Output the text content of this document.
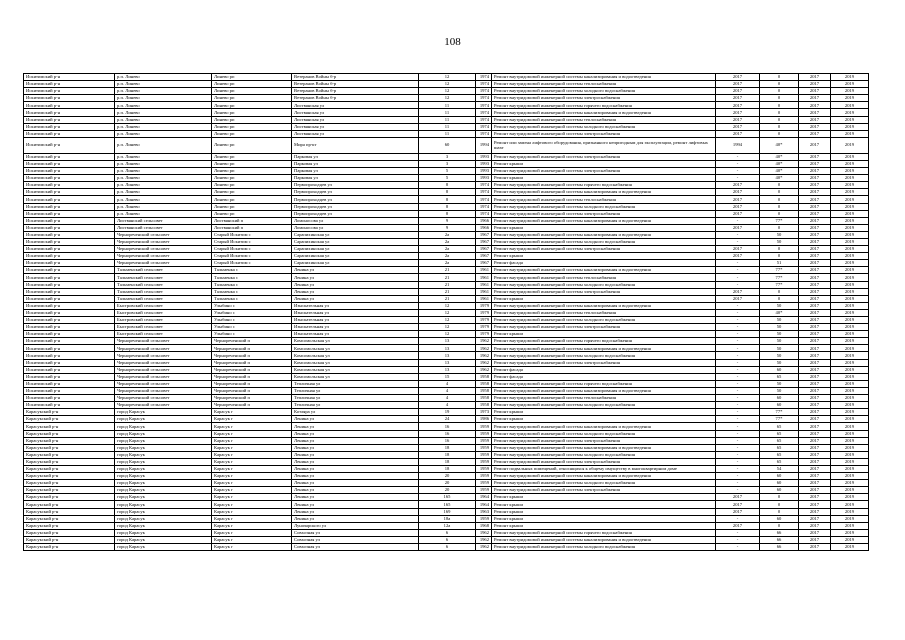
108
Искитимский р-н	р.п. Линево	Линево рп	Ветеранов Войны б-р	12	1974	Ремонт внутридомовой инженерной системы канализирования и водоотведения	2017	0	2017	2019
Искитимский р-н	р.п. Линево	Линево рп	Ветеранов Войны б-р	12	1974	Ремонт внутридомовой инженерной системы теплоснабжения	2017	0	2017	2019
Искитимский р-н	р.п. Линево	Линево рп	Ветеранов Войны б-р	12	1974	Ремонт внутридомовой инженерной системы холодного водоснабжения	2017	0	2017	2019
Искитимский р-н	р.п. Линево	Линево рп	Ветеранов Войны б-р	12	1974	Ремонт внутридомовой инженерной системы электроснабжения	2017	0	2017	2019
Искитимский р-н	р.п. Линево	Линево рп	Листвянская ул	11	1974	Ремонт внутридомовой инженерной системы горячего водоснабжения	2017	0	2017	2019
Искитимский р-н	р.п. Линево	Линево рп	Листвянская ул	11	1974	Ремонт внутридомовой инженерной системы канализирования и водоотведения	2017	0	2017	2019
Искитимский р-н	р.п. Линево	Линево рп	Листвянская ул	11	1974	Ремонт внутридомовой инженерной системы теплоснабжения	2017	0	2017	2019
Искитимский р-н	р.п. Линево	Линево рп	Листвянская ул	11	1974	Ремонт внутридомовой инженерной системы холодного водоснабжения	2017	0	2017	2019
Искитимский р-н	р.п. Линево	Линево рп	Листвянская ул	11	1974	Ремонт внутридомовой инженерной системы электроснабжения	2017	0	2017	2019
Искитимский р-н	р.п. Линево	Линево рп	Мира пр-кт	60	1994	Ремонт или замена лифтового оборудования, признанного непригодным для эксплуатации, ремонт лифтовых шахт	1994	40*	2017	2019
Искитимский р-н	р.п. Линево	Линево рп	Парковая ул	3	1993	Ремонт внутридомовой инженерной системы электроснабжения	-	40*	2017	2019
Искитимский р-н	р.п. Линево	Линево рп	Парковая ул	3	1993	Ремонт крыши	-	40*	2017	2019
Искитимский р-н	р.п. Линево	Линево рп	Парковая ул	5	1993	Ремонт внутридомовой инженерной системы электроснабжения	-	40*	2017	2019
Искитимский р-н	р.п. Линево	Линево рп	Парковая ул	5	1993	Ремонт крыши	-	40*	2017	2019
Искитимский р-н	р.п. Линево	Линево рп	Первопроходцев ул	8	1974	Ремонт внутридомовой инженерной системы горячего водоснабжения	2017	0	2017	2019
Искитимский р-н	р.п. Линево	Линево рп	Первопроходцев ул	8	1974	Ремонт внутридомовой инженерной системы канализирования и водоотведения	2017	0	2017	2019
Искитимский р-н	р.п. Линево	Линево рп	Первопроходцев ул	8	1974	Ремонт внутридомовой инженерной системы теплоснабжения	2017	0	2017	2019
Искитимский р-н	р.п. Линево	Линево рп	Первопроходцев ул	8	1974	Ремонт внутридомовой инженерной системы холодного водоснабжения	2017	0	2017	2019
Искитимский р-н	р.п. Линево	Линево рп	Первопроходцев ул	8	1974	Ремонт внутридомовой инженерной системы электроснабжения	2017	0	2017	2019
Искитимский р-н	Листвянский сельсовет	Листвянский п	Ломоносова ул	9	1966	Ремонт внутридомовой инженерной системы канализирования и водоотведения	-	77*	2017	2019
Искитимский р-н	Листвянский сельсовет	Листвянский п	Ломоносова ул	9	1966	Ремонт крыши	2017	0	2017	2019
Искитимский р-н	Чернореченский сельсовет	Старый Искитим с	Сарапихинская ул	2а	1967	Ремонт внутридомовой инженерной системы канализирования и водоотведения	-	50	2017	2019
Искитимский р-н	Чернореченский сельсовет	Старый Искитим с	Сарапихинская ул	2а	1967	Ремонт внутридомовой инженерной системы холодного водоснабжения	-	50	2017	2019
Искитимский р-н	Чернореченский сельсовет	Старый Искитим с	Сарапихинская ул	2а	1967	Ремонт внутридомовой инженерной системы электроснабжения	2017	0	2017	2019
Искитимский р-н	Чернореченский сельсовет	Старый Искитим с	Сарапихинская ул	2а	1967	Ремонт крыши	2017	0	2017	2019
Искитимский р-н	Чернореченский сельсовет	Старый Искитим с	Сарапихинская ул	2а	1967	Ремонт фасада	-	51	2017	2019
Искитимский р-н	Тальменский сельсовет	Тальменка с	Ленина ул	21	1961	Ремонт внутридомовой инженерной системы канализирования и водоотведения	-	77*	2017	2019
Искитимский р-н	Тальменский сельсовет	Тальменка с	Ленина ул	21	1961	Ремонт внутридомовой инженерной системы теплоснабжения	-	77*	2017	2019
Искитимский р-н	Тальменский сельсовет	Тальменка с	Ленина ул	21	1961	Ремонт внутридомовой инженерной системы холодного водоснабжения	-	77*	2017	2019
Искитимский р-н	Тальменский сельсовет	Тальменка с	Ленина ул	21	1961	Ремонт внутридомовой инженерной системы электроснабжения	2017	0	2017	2019
Искитимский р-н	Тальменский сельсовет	Тальменка с	Ленина ул	21	1961	Ремонт крыши	2017	0	2017	2019
Искитимский р-н	Быстровский сельсовет	Улыбино с	Изыскательная ул	12	1979	Ремонт внутридомовой инженерной системы канализирования и водоотведения	-	50	2017	2019
Искитимский р-н	Быстровский сельсовет	Улыбино с	Изыскательная ул	12	1979	Ремонт внутридомовой инженерной системы теплоснабжения	-	40*	2017	2019
Искитимский р-н	Быстровский сельсовет	Улыбино с	Изыскательная ул	12	1979	Ремонт внутридомовой инженерной системы холодного водоснабжения	-	50	2017	2019
Искитимский р-н	Быстровский сельсовет	Улыбино с	Изыскательная ул	12	1979	Ремонт внутридомовой инженерной системы электроснабжения	-	50	2017	2019
Искитимский р-н	Быстровский сельсовет	Улыбино с	Изыскательная ул	12	1979	Ремонт крыши	-	50	2017	2019
Искитимский р-н	Чернореченский сельсовет	Чернореченский п	Комсомольская ул	13	1962	Ремонт внутридомовой инженерной системы горячего водоснабжения	-	50	2017	2019
Искитимский р-н	Чернореченский сельсовет	Чернореченский п	Комсомольская ул	13	1962	Ремонт внутридомовой инженерной системы канализирования и водоотведения	-	50	2017	2019
Искитимский р-н	Чернореченский сельсовет	Чернореченский п	Комсомольская ул	13	1962	Ремонт внутридомовой инженерной системы холодного водоснабжения	-	50	2017	2019
Искитимский р-н	Чернореченский сельсовет	Чернореченский п	Комсомольская ул	13	1962	Ремонт внутридомовой инженерной системы электроснабжения	-	50	2017	2019
Искитимский р-н	Чернореченский сельсовет	Чернореченский п	Комсомольская ул	13	1962	Ремонт фасада	-	60	2017	2019
Искитимский р-н	Чернореченский сельсовет	Чернореченский п	Комсомольская ул	15	1958	Ремонт фасада	-	65	2017	2019
Искитимский р-н	Чернореченский сельсовет	Чернореченский п	Тепличная ул	4	1958	Ремонт внутридомовой инженерной системы горячего водоснабжения	-	50	2017	2019
Искитимский р-н	Чернореченский сельсовет	Чернореченский п	Тепличная ул	4	1958	Ремонт внутридомовой инженерной системы канализирования и водоотведения	-	50	2017	2019
Искитимский р-н	Чернореченский сельсовет	Чернореченский п	Тепличная ул	4	1958	Ремонт внутридомовой инженерной системы теплоснабжения	-	60	2017	2019
Искитимский р-н	Чернореченский сельсовет	Чернореченский п	Тепличная ул	4	1958	Ремонт внутридомовой инженерной системы холодного водоснабжения	-	60	2017	2019
Карасукский р-н	город Карасук	Карасук г	Котляра ул	19	1973	Ремонт крыши	-	77*	2017	2019
Карасукский р-н	город Карасук	Карасук г	Ленина ул	24	1986	Ремонт крыши	-	77*	2017	2019
Карасукский р-н	город Карасук	Карасук г	Ленина ул	16	1959	Ремонт внутридомовой инженерной системы канализирования и водоотведения	-	65	2017	2019
Карасукский р-н	город Карасук	Карасук г	Ленина ул	16	1959	Ремонт внутридомовой инженерной системы холодного водоснабжения	-	65	2017	2019
Карасукский р-н	город Карасук	Карасук г	Ленина ул	16	1959	Ремонт внутридомовой инженерной системы электроснабжения	-	65	2017	2019
Карасукский р-н	город Карасук	Карасук г	Ленина ул	18	1959	Ремонт внутридомовой инженерной системы канализирования и водоотведения	-	65	2017	2019
Карасукский р-н	город Карасук	Карасук г	Ленина ул	18	1959	Ремонт внутридомовой инженерной системы холодного водоснабжения	-	65	2017	2019
Карасукский р-н	город Карасук	Карасук г	Ленина ул	18	1959	Ремонт внутридомовой инженерной системы электроснабжения	-	65	2017	2019
Карасукский р-н	город Карасук	Карасук г	Ленина ул	18	1959	Ремонт подвальных помещений, относящихся к общему имуществу в многоквартирном доме	-	54	2017	2019
Карасукский р-н	город Карасук	Карасук г	Ленина ул	20	1959	Ремонт внутридомовой инженерной системы канализирования и водоотведения	-	60	2017	2019
Карасукский р-н	город Карасук	Карасук г	Ленина ул	20	1959	Ремонт внутридомовой инженерной системы холодного водоснабжения	-	60	2017	2019
Карасукский р-н	город Карасук	Карасук г	Ленина ул	20	1959	Ремонт внутридомовой инженерной системы электроснабжения	-	60	2017	2019
Карасукский р-н	город Карасук	Карасук г	Ленина ул	165	1964	Ремонт крыши	2017	0	2017	2019
Карасукский р-н	город Карасук	Карасук г	Ленина ул	165	1964	Ремонт крыши	2017	0	2017	2019
Карасукский р-н	город Карасук	Карасук г	Ленина ул	169	1963	Ремонт крыши	2017	0	2017	2019
Карасукский р-н	город Карасук	Карасук г	Ленина ул	18а	1959	Ремонт крыши	-	60	2017	2019
Карасукский р-н	город Карасук	Карасук г	Луначарского ул	12а	1968	Ремонт крыши	2017	0	2017	2019
Карасукский р-н	город Карасук	Карасук г	Совхозная ул	6	1962	Ремонт внутридомовой инженерной системы горячего водоснабжения	-	66	2017	2019
Карасукский р-н	город Карасук	Карасук г	Совхозная ул	6	1962	Ремонт внутридомовой инженерной системы канализирования и водоотведения	-	66	2017	2019
Карасукский р-н	город Карасук	Карасук г	Совхозная ул	6	1962	Ремонт внутридомовой инженерной системы холодного водоснабжения	-	66	2017	2019
